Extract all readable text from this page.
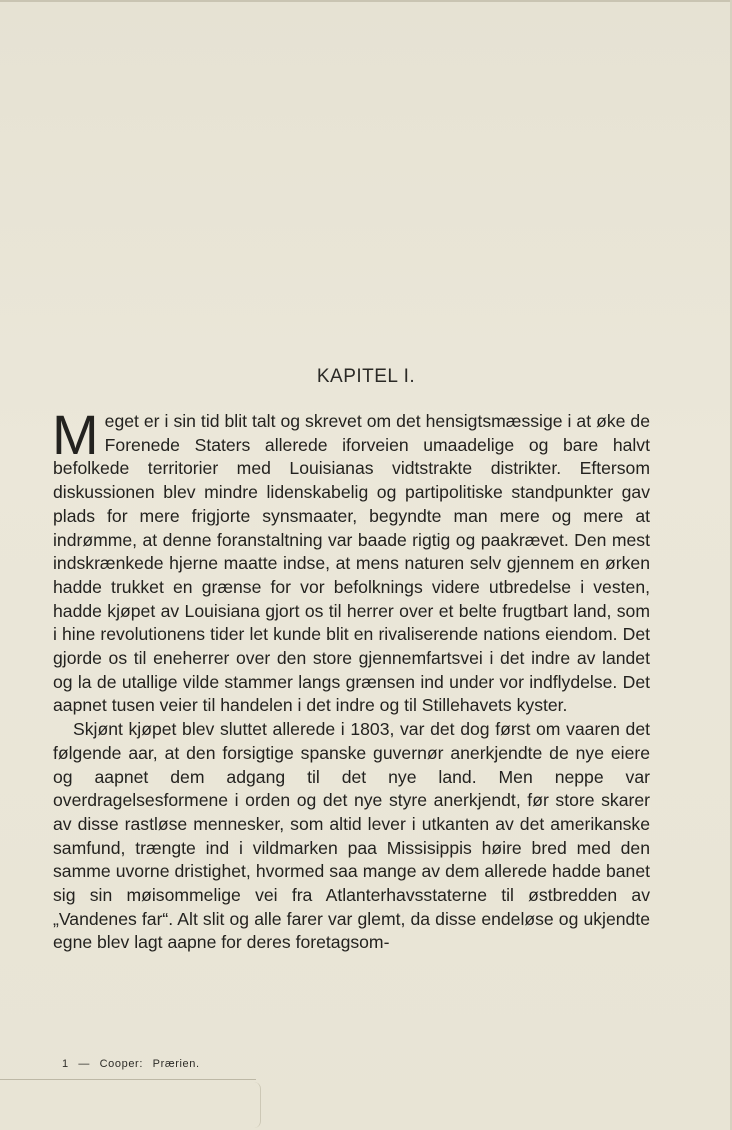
KAPITEL I.

Meget er i sin tid blit talt og skrevet om det hensigtsmæssige i at øke de Forenede Staters allerede iforveien umaadelige og bare halvt befolkede territorier med Louisianas vidtstrakte distrikter. Eftersom diskussionen blev mindre lidenskabelig og partipolitiske standpunkter gav plads for mere frigjorte synsmaater, begyndte man mere og mere at indrømme, at denne foranstaltning var baade rigtig og paakrævet. Den mest indskrænkede hjerne maatte indse, at mens naturen selv gjennem en ørken hadde trukket en grænse for vor befolknings videre utbredelse i vesten, hadde kjøpet av Louisiana gjort os til herrer over et belte frugtbart land, som i hine revolutionens tider let kunde blit en rivaliserende nations eiendom. Det gjorde os til eneherrer over den store gjennemfartsvei i det indre av landet og la de utallige vilde stammer langs grænsen ind under vor indflydelse. Det aapnet tusen veier til handelen i det indre og til Stillehavets kyster.

Skjønt kjøpet blev sluttet allerede i 1803, var det dog først om vaaren det følgende aar, at den forsigtige spanske guvernør anerkjendte de nye eiere og aapnet dem adgang til det nye land. Men neppe var overdragelsesformene i orden og det nye styre anerkjendt, før store skarer av disse rastløse mennesker, som altid lever i utkanten av det amerikanske samfund, trængte ind i vildmarken paa Missisippis høire bred med den samme uvorne dristighet, hvormed saa mange av dem allerede hadde banet sig sin møisommelige vei fra Atlanterhavsstaterne til østbredden av „Vandenes far“. Alt slit og alle farer var glemt, da disse endeløse og ukjendte egne blev lagt aapne for deres foretagsom-

1 — Cooper: Prærien.
